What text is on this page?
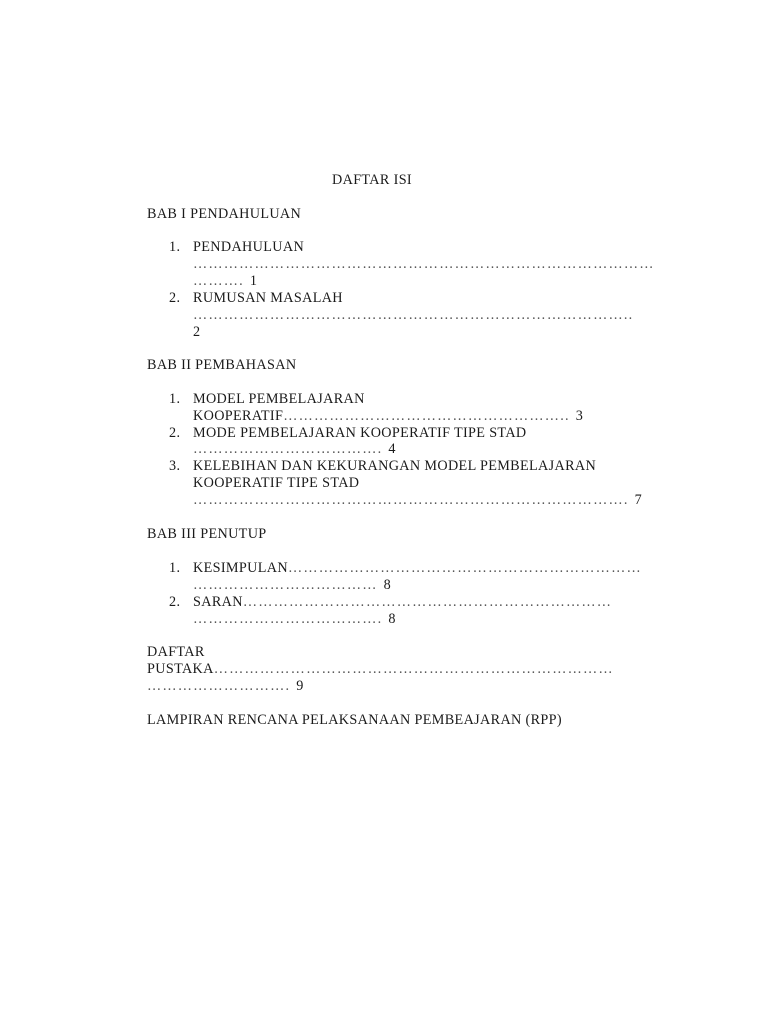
DAFTAR ISI
BAB I PENDAHULUAN
1. PENDAHULUAN
………………………………………………………………………………
………. 1
2. RUMUSAN MASALAH
…………………………………………………………………………..
2
BAB II PEMBAHASAN
1. MODEL PEMBELAJARAN
KOOPERATIF……………………………………………….. 3
2. MODE PEMBELAJARAN KOOPERATIF TIPE STAD
………………………………. 4
3. KELEBIHAN DAN KEKURANGAN MODEL PEMBELAJARAN
KOOPERATIF TIPE STAD
…………………………………………………………………………. 7
BAB III PENUTUP
1. KESIMPULAN……………………………………………………………
……………………………… 8
2. SARAN………………………………………………………………
………………………………. 8
DAFTAR
PUSTAKA……………………………………………………………………
………………………. 9
LAMPIRAN RENCANA PELAKSANAAN PEMBEAJARAN (RPP)
